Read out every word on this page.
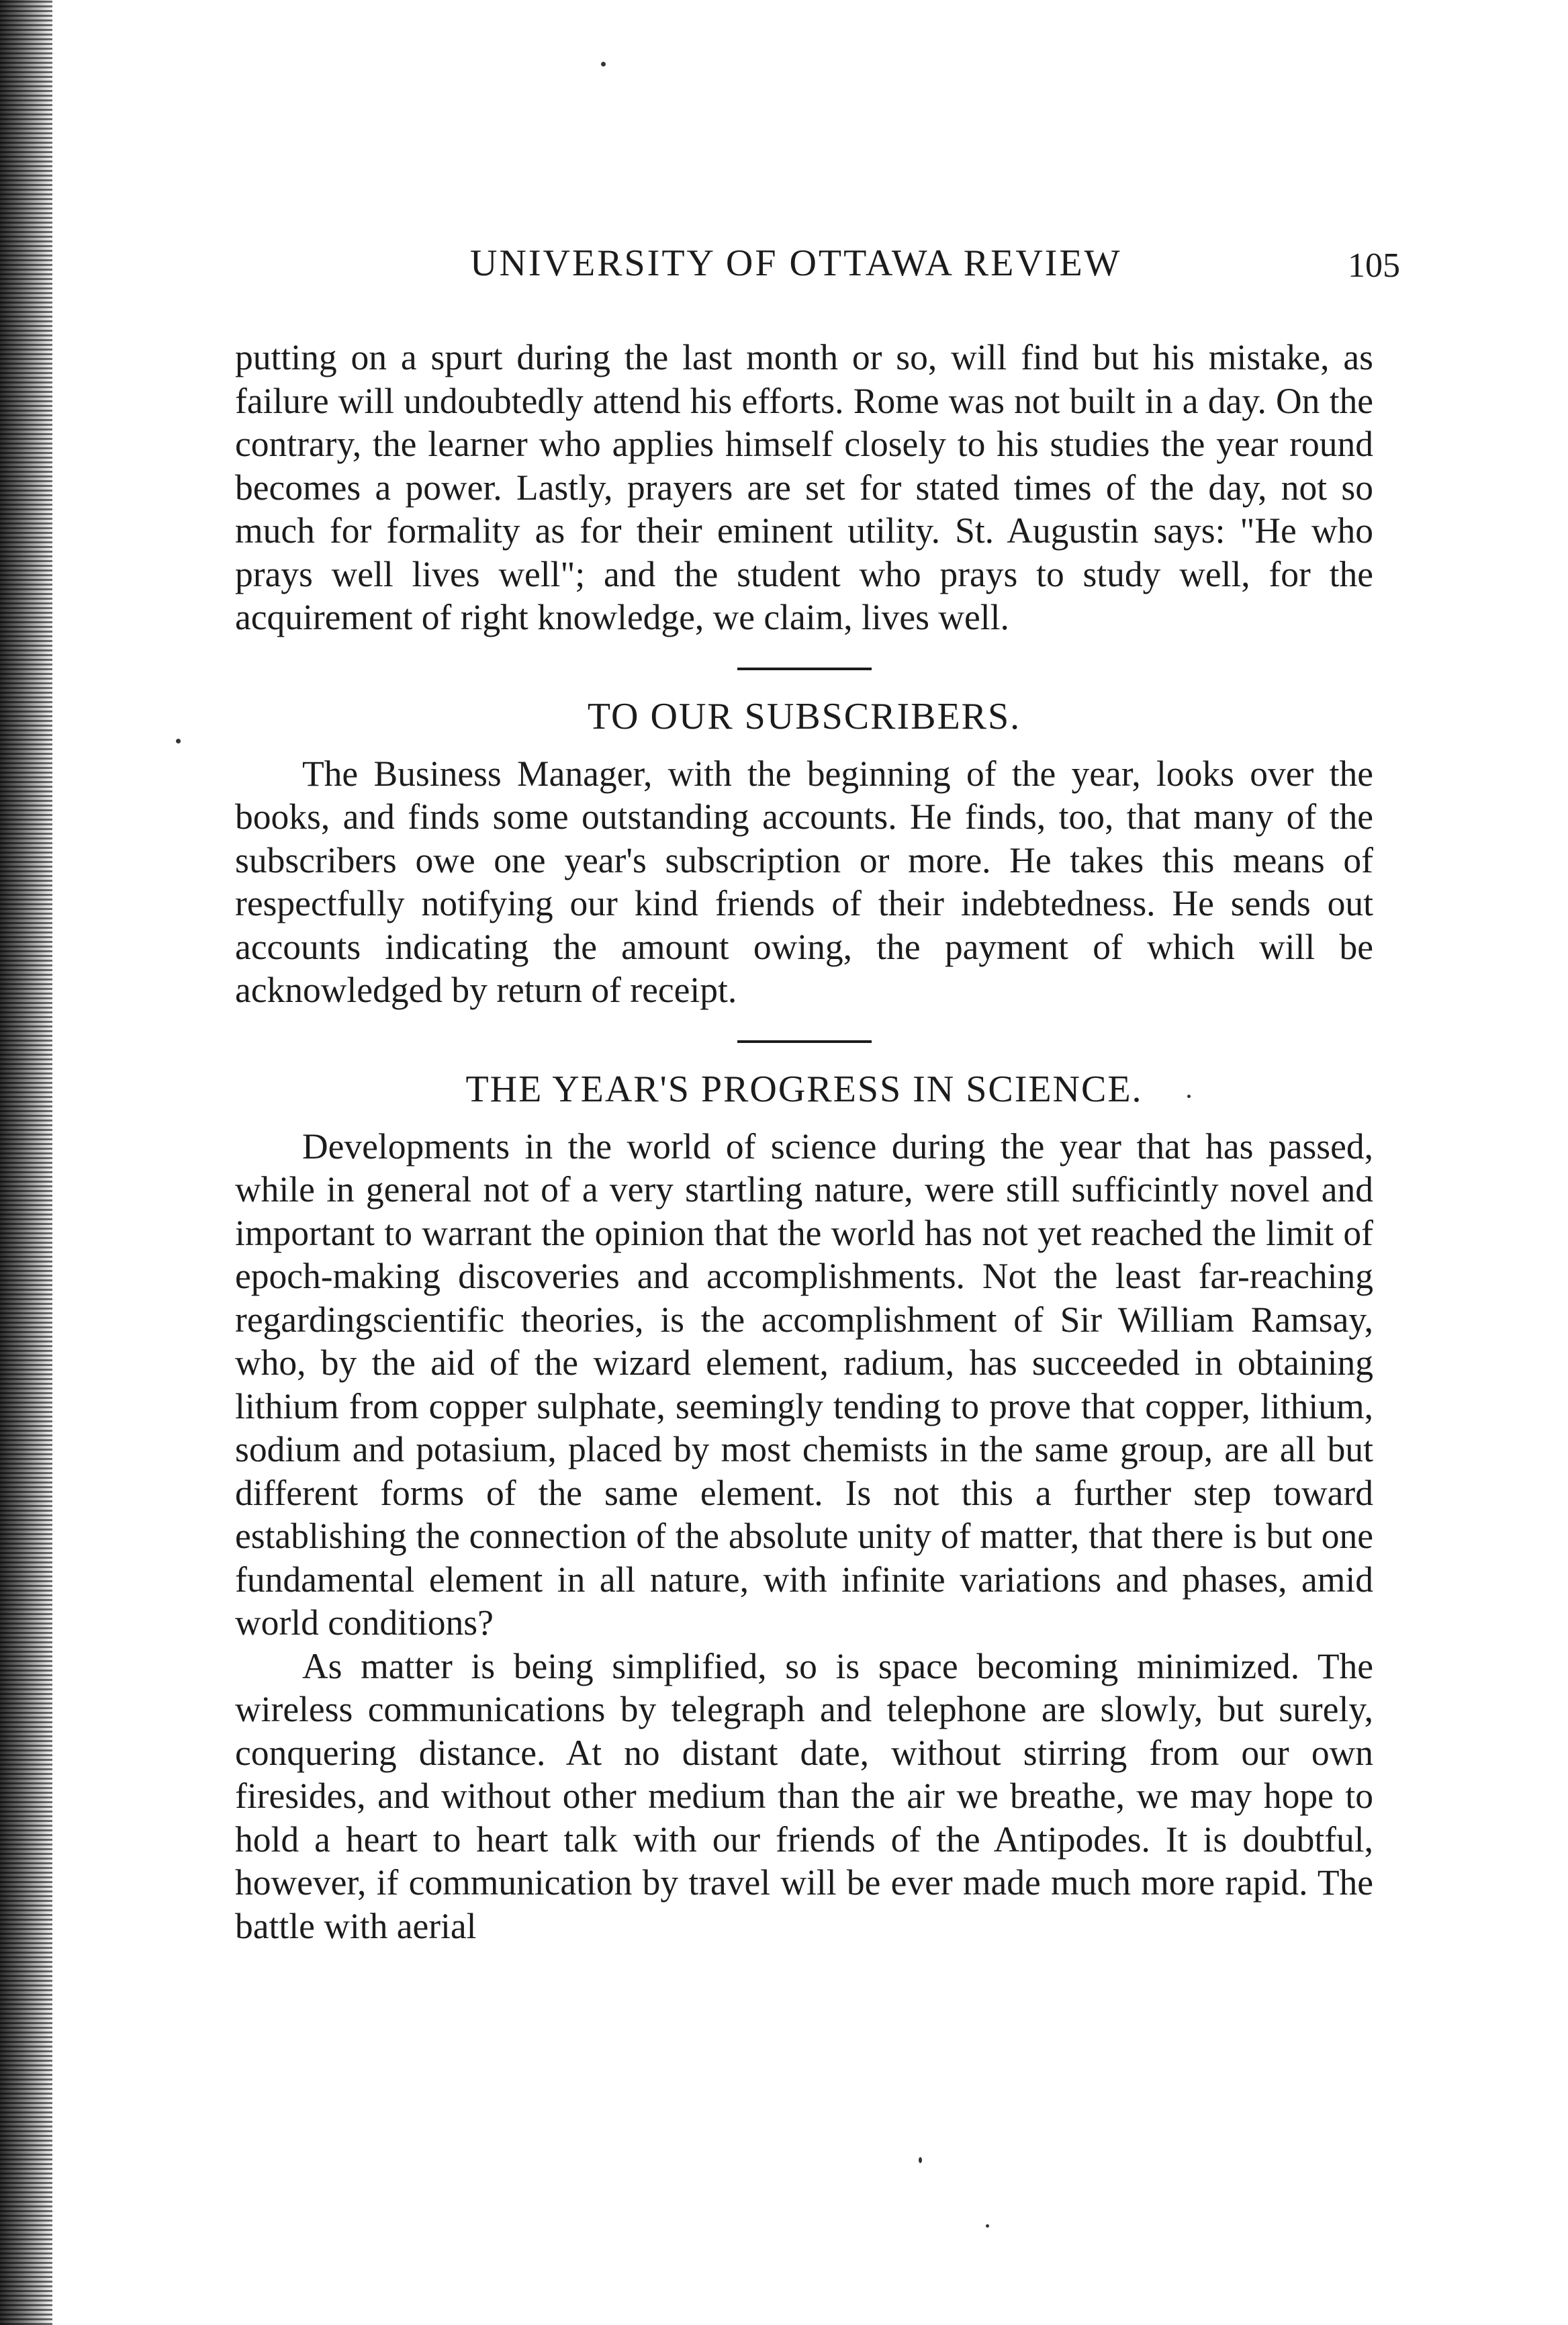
UNIVERSITY OF OTTAWA REVIEW	105

putting on a spurt during the last month or so, will find but his mistake, as failure will undoubtedly attend his efforts. Rome was not built in a day. On the contrary, the learner who applies himself closely to his studies the year round becomes a power. Lastly, prayers are set for stated times of the day, not so much for formality as for their eminent utility. St. Augustin says: "He who prays well lives well"; and the student who prays to study well, for the acquirement of right knowledge, we claim, lives well.

TO OUR SUBSCRIBERS.

The Business Manager, with the beginning of the year, looks over the books, and finds some outstanding accounts. He finds, too, that many of the subscribers owe one year's subscription or more. He takes this means of respectfully notifying our kind friends of their indebtedness. He sends out accounts indicating the amount owing, the payment of which will be acknowledged by return of receipt.

THE YEAR'S PROGRESS IN SCIENCE.

Developments in the world of science during the year that has passed, while in general not of a very startling nature, were still sufficintly novel and important to warrant the opinion that the world has not yet reached the limit of epoch-making discoveries and accomplishments. Not the least far-reaching regardingscientific theories, is the accomplishment of Sir William Ramsay, who, by the aid of the wizard element, radium, has succeeded in obtaining lithium from copper sulphate, seemingly tending to prove that copper, lithium, sodium and potasium, placed by most chemists in the same group, are all but different forms of the same element. Is not this a further step toward establishing the connection of the absolute unity of matter, that there is but one fundamental element in all nature, with infinite variations and phases, amid world conditions?

As matter is being simplified, so is space becoming minimized. The wireless communications by telegraph and telephone are slowly, but surely, conquering distance. At no distant date, without stirring from our own firesides, and without other medium than the air we breathe, we may hope to hold a heart to heart talk with our friends of the Antipodes. It is doubtful, however, if communication by travel will be ever made much more rapid. The battle with aerial
